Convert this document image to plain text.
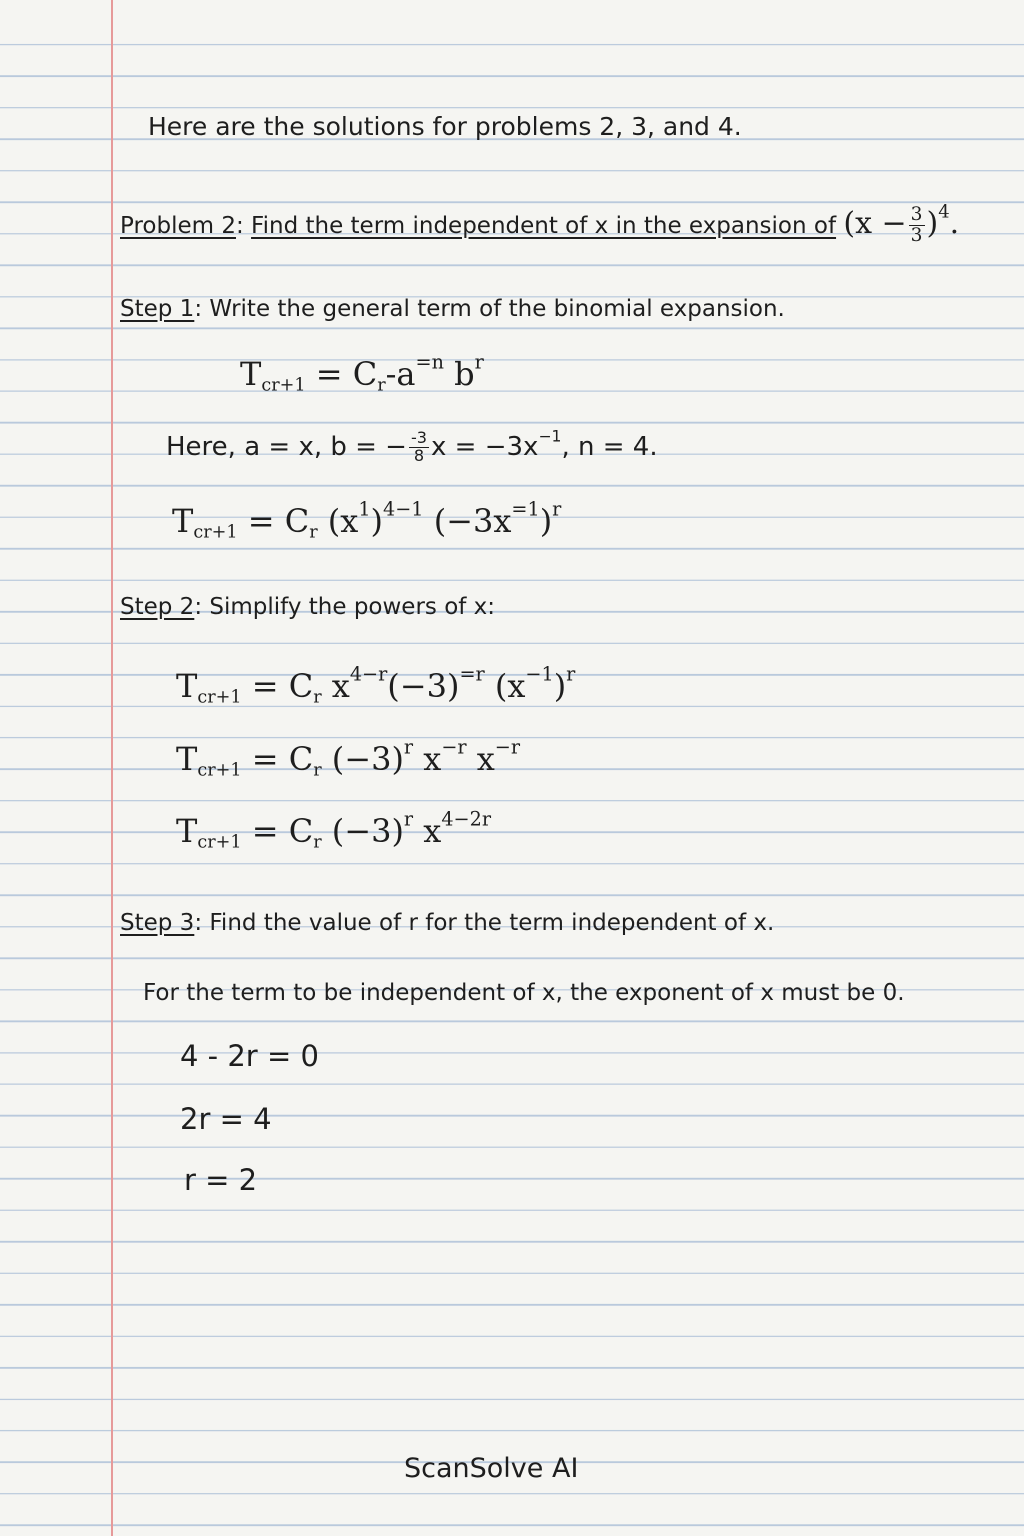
Here are the solutions for problems 2, 3, and 4.
Problem 2: Find the term independent of x in the expansion of $(x - \frac{3}{3} )^4$.
Step 1: Write the general term of the binomial expansion.
$T_{cr+1} = C_r-a^{=n}$ $b^r$
Here, a = x, b = − $\frac{-3}{8}$ $x = -3x^{-1}$, n = 4.
$T_{cr+1} = C_r$ $(x^1)^{4-1}$ $(-3x^{=1})^r$
Step 2: Simplify the powers of x:
$T_{cr+1} = C_r$ $x^{4-r}(-3)^{=r}$ $(x^{-1})^r$
$T_{cr+1} = C_r$ $(-3)^r$ $x^{-r}$ $x^{-r}$
$T_{cr+1} = C_r$ $(-3)^r$ $x^{4-2r}$
Step 3: Find the value of r for the term independent of x.
For the term to be independent of x, the exponent of x must be 0.
4 - 2r = 0
2r = 4
r = 2
ScanSolve AI
